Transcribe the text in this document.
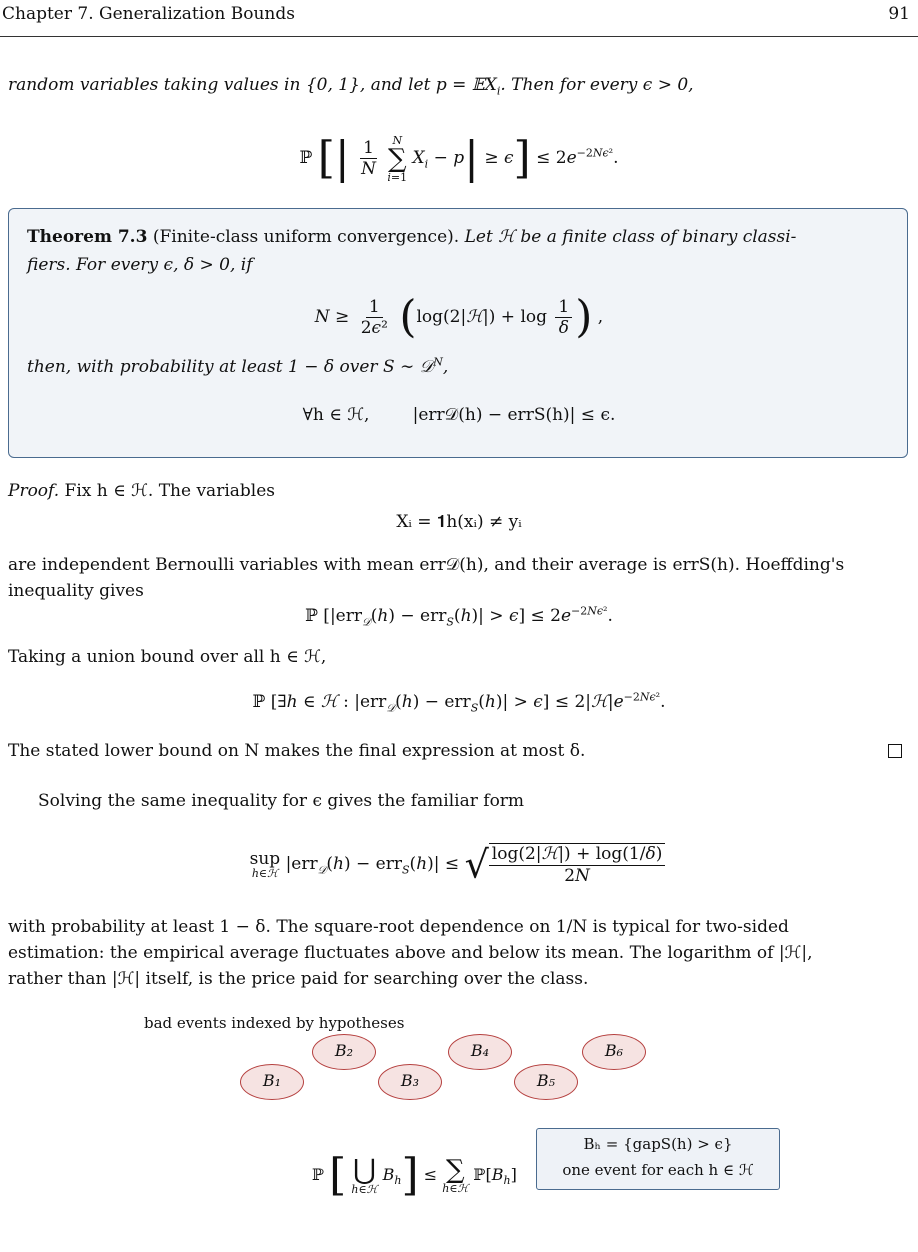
Chapter 7. Generalization Bounds	91
random variables taking values in {0, 1}, and let p = 𝔼X$_i$. Then for every ϵ > 0,
ℙ [| $\frac{1}{N}$
N
∑
i=1
$X_i - p| \ge \epsilon] \le 2e^{-2N\epsilon^2}$.
Theorem 7.3 (Finite-class uniform convergence). Let ℋ be a finite class of binary classi-
fiers. For every ϵ, δ > 0, if
$N \ge \frac{1}{\text{2ϵ²}}$ (log(2|ℋ|) + $\log \frac{1}{\delta}$ ) ,
then, with probability at least 1 − δ over S ∼ 𝒟$^N$,
∀h ∈ ℋ,        |err𝒟(h) − errS(h)| ≤ ϵ.
Proof. Fix h ∈ ℋ. The variables
Xᵢ = 𝟏h(xᵢ) ≠ yᵢ
are independent Bernoulli variables with mean err𝒟(h), and their average is errS(h). Hoeffding's
inequality gives
ℙ $[|err_𝒟(h) - err_S(h)| > \epsilon] \le 2e^{-2N\epsilon^2}$.
Taking a union bound over all h ∈ ℋ,
ℙ [∃h ∈ ℋ : $|err_𝒟(h) - err_S(h)| > \epsilon] \le 2|ℋ|e^{-2N\epsilon^2}$.
The stated lower bound on N makes the final expression at most δ.
Solving the same inequality for ϵ gives the familiar form
sup
h∈ℋ |err$_𝒟$(h) − err$_S$(h)| ≤ √ $\frac{\text{log(2|ℋ|) + log(1/δ)}}{2N}$
with probability at least 1 − δ. The square-root dependence on 1/N is typical for two-sided
estimation: the empirical average fluctuates above and below its mean. The logarithm of |ℋ|,
rather than |ℋ| itself, is the price paid for searching over the class.
bad events indexed by hypotheses
B₁
B₂
B₃
B₄
B₅
B₆
ℙ [ ⋃
h∈ℋ
$B_h$] ≤ ∑
h∈ℋ
$ℙ[B_h]$
Bₕ = {gapS(h) > ϵ}
one event for each h ∈ ℋ
